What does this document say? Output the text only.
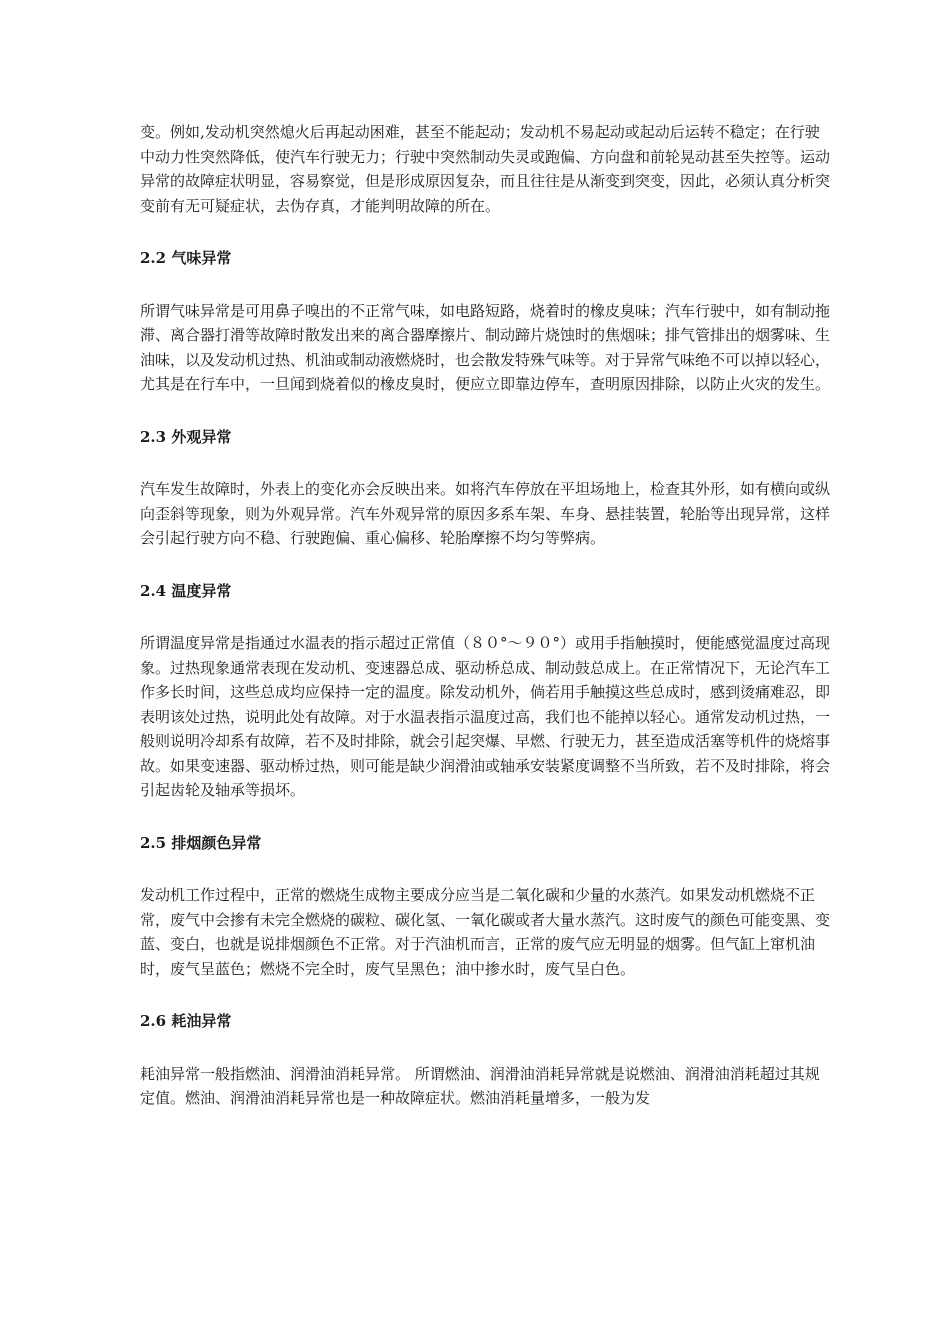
变。例如,发动机突然熄火后再起动困难，甚至不能起动；发动机不易起动或起动后运转不稳定；在行驶中动力性突然降低，使汽车行驶无力；行驶中突然制动失灵或跑偏、方向盘和前轮晃动甚至失控等。运动异常的故障症状明显，容易察觉，但是形成原因复杂，而且往往是从渐变到突变，因此，必须认真分析突变前有无可疑症状，去伪存真，才能判明故障的所在。

2.2 气味异常

所谓气味异常是可用鼻子嗅出的不正常气味，如电路短路，烧着时的橡皮臭味；汽车行驶中，如有制动拖滞、离合器打滑等故障时散发出来的离合器摩擦片、制动蹄片烧蚀时的焦烟味；排气管排出的烟雾味、生油味，以及发动机过热、机油或制动液燃烧时，也会散发特殊气味等。对于异常气味绝不可以掉以轻心，尤其是在行车中，一旦闻到烧着似的橡皮臭时，便应立即靠边停车，查明原因排除，以防止火灾的发生。

2.3 外观异常

汽车发生故障时，外表上的变化亦会反映出来。如将汽车停放在平坦场地上，检查其外形，如有横向或纵向歪斜等现象，则为外观异常。汽车外观异常的原因多系车架、车身、悬挂装置，轮胎等出现异常，这样会引起行驶方向不稳、行驶跑偏、重心偏移、轮胎摩擦不均匀等弊病。

2.4 温度异常

所谓温度异常是指通过水温表的指示超过正常值（８０°～９０°）或用手指触摸时，便能感觉温度过高现象。过热现象通常表现在发动机、变速器总成、驱动桥总成、制动鼓总成上。在正常情况下，无论汽车工作多长时间，这些总成均应保持一定的温度。除发动机外，倘若用手触摸这些总成时，感到烫痛难忍，即表明该处过热，说明此处有故障。对于水温表指示温度过高，我们也不能掉以轻心。通常发动机过热，一般则说明冷却系有故障，若不及时排除，就会引起突爆、早燃、行驶无力，甚至造成活塞等机件的烧熔事故。如果变速器、驱动桥过热，则可能是缺少润滑油或轴承安装紧度调整不当所致，若不及时排除，将会引起齿轮及轴承等损坏。

2.5 排烟颜色异常

发动机工作过程中，正常的燃烧生成物主要成分应当是二氧化碳和少量的水蒸汽。如果发动机燃烧不正常，废气中会掺有未完全燃烧的碳粒、碳化氢、一氧化碳或者大量水蒸汽。这时废气的颜色可能变黑、变蓝、变白，也就是说排烟颜色不正常。对于汽油机而言，正常的废气应无明显的烟雾。但气缸上窜机油时，废气呈蓝色；燃烧不完全时，废气呈黑色；油中掺水时，废气呈白色。

2.6 耗油异常

耗油异常一般指燃油、润滑油消耗异常。 所谓燃油、润滑油消耗异常就是说燃油、润滑油消耗超过其规定值。燃油、润滑油消耗异常也是一种故障症状。燃油消耗量增多，一般为发
